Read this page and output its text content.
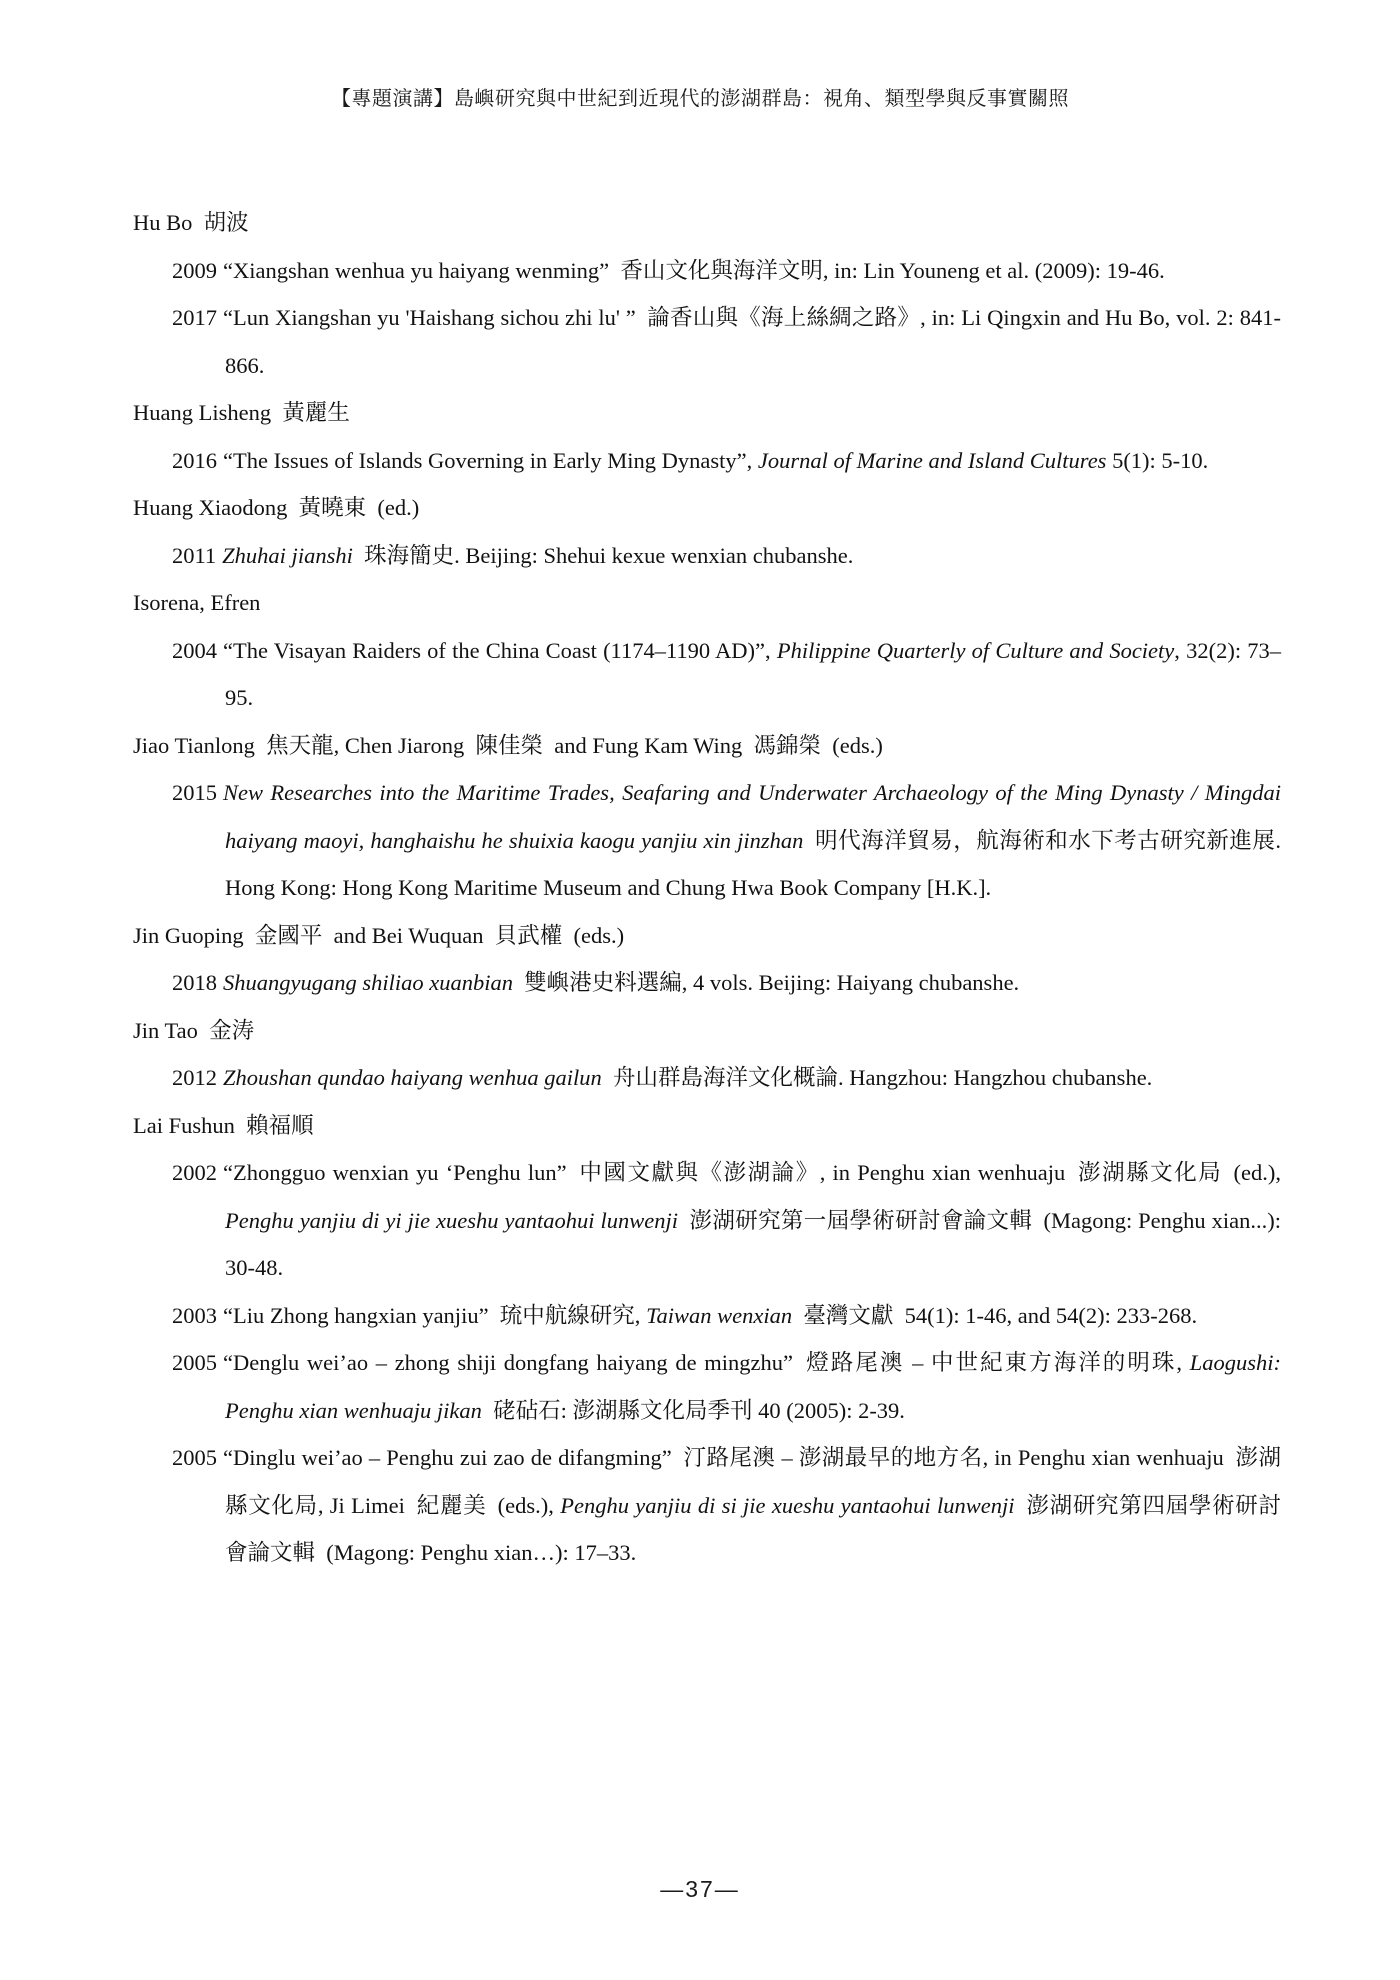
【專題演講】島嶼研究與中世紀到近現代的澎湖群島：視角、類型學與反事實關照

Hu Bo 胡波

2009 “Xiangshan wenhua yu haiyang wenming” 香山文化與海洋文明, in: Lin Youneng et al. (2009): 19-46.

2017 “Lun Xiangshan yu 'Haishang sichou zhi lu' ” 論香山與《海上絲綢之路》, in: Li Qingxin and Hu Bo, vol. 2: 841-866.

Huang Lisheng 黃麗生

2016 “The Issues of Islands Governing in Early Ming Dynasty”, Journal of Marine and Island Cultures 5(1): 5-10.

Huang Xiaodong 黃曉東 (ed.)

2011 Zhuhai jianshi 珠海簡史. Beijing: Shehui kexue wenxian chubanshe.

Isorena, Efren

2004 “The Visayan Raiders of the China Coast (1174–1190 AD)”, Philippine Quarterly of Culture and Society, 32(2): 73–95.

Jiao Tianlong 焦天龍, Chen Jiarong 陳佳榮 and Fung Kam Wing 馮錦榮 (eds.)

2015 New Researches into the Maritime Trades, Seafaring and Underwater Archaeology of the Ming Dynasty / Mingdai haiyang maoyi, hanghaishu he shuixia kaogu yanjiu xin jinzhan 明代海洋貿易，航海術和水下考古研究新進展. Hong Kong: Hong Kong Maritime Museum and Chung Hwa Book Company [H.K.].

Jin Guoping 金國平 and Bei Wuquan 貝武權 (eds.)

2018 Shuangyugang shiliao xuanbian 雙嶼港史料選編, 4 vols. Beijing: Haiyang chubanshe.

Jin Tao 金涛

2012 Zhoushan qundao haiyang wenhua gailun 舟山群島海洋文化概論. Hangzhou: Hangzhou chubanshe.

Lai Fushun 賴福順

2002 “Zhongguo wenxian yu ‘Penghu lun” 中國文獻與《澎湖論》, in Penghu xian wenhuaju 澎湖縣文化局 (ed.), Penghu yanjiu di yi jie xueshu yantaohui lunwenji 澎湖研究第一屆學術研討會論文輯 (Magong: Penghu xian...): 30-48.

2003 “Liu Zhong hangxian yanjiu” 琉中航線研究, Taiwan wenxian 臺灣文獻 54(1): 1-46, and 54(2): 233-268.

2005 “Denglu wei’ao – zhong shiji dongfang haiyang de mingzhu” 燈路尾澳 – 中世紀東方海洋的明珠, Laogushi: Penghu xian wenhuaju jikan 硓砧石: 澎湖縣文化局季刊 40 (2005): 2-39.

2005 “Dinglu wei’ao – Penghu zui zao de difangming” 汀路尾澳 – 澎湖最早的地方名, in Penghu xian wenhuaju 澎湖縣文化局, Ji Limei 紀麗美 (eds.), Penghu yanjiu di si jie xueshu yantaohui lunwenji 澎湖研究第四屆學術研討會論文輯 (Magong: Penghu xian…): 17–33.

—37—
